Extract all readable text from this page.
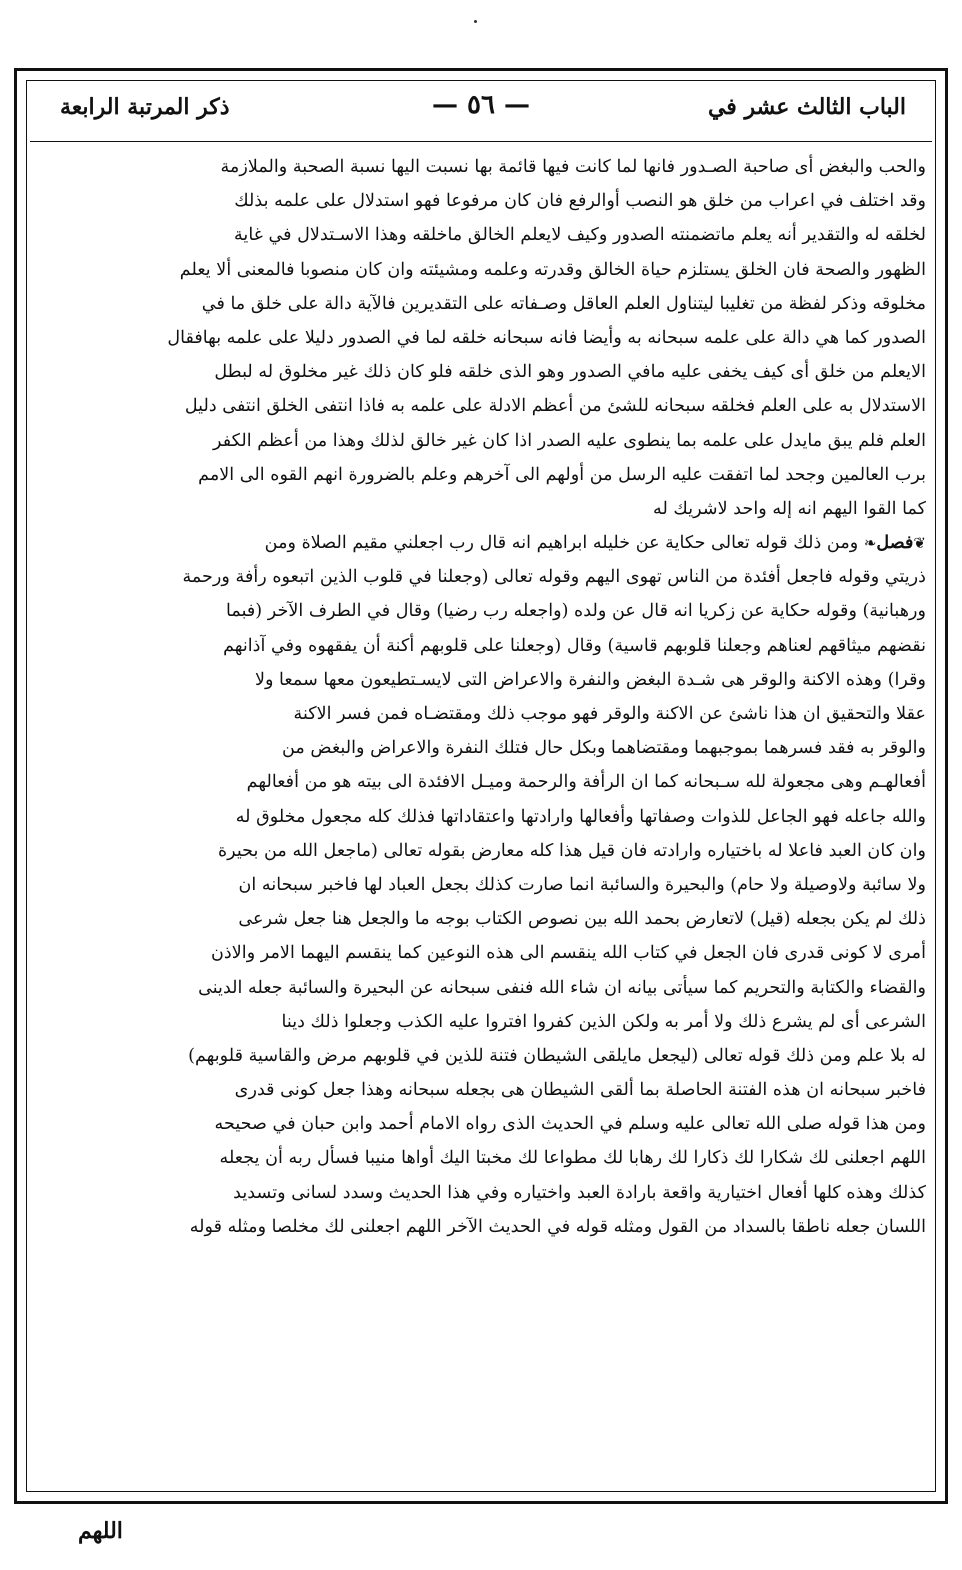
الباب الثالث عشر في
— ٥٦ —
ذكر المرتبة الرابعة
والحب والبغض أى صاحبة الصـدور فانها لما كانت فيها قائمة بها نسبت اليها نسبة الصحبة والملازمة
وقد اختلف في اعراب من خلق هو النصب أوالرفع فان كان مرفوعا فهو استدلال على علمه بذلك
لخلقه له والتقدير أنه يعلم ماتضمنته الصدور وكيف لايعلم الخالق ماخلقه وهذا الاسـتدلال في غاية
الظهور والصحة فان الخلق يستلزم حياة الخالق وقدرته وعلمه ومشيئته وان كان منصوبا فالمعنى ألا يعلم
مخلوقه وذكر لفظة من تغليبا ليتناول العلم العاقل وصـفاته على التقديرين فالآية دالة على خلق ما في
الصدور كما هي دالة على علمه سبحانه به وأيضا فانه سبحانه خلقه لما في الصدور دليلا على علمه بهافقال
الايعلم من خلق أى كيف يخفى عليه مافي الصدور وهو الذى خلقه فلو كان ذلك غير مخلوق له لبطل
الاستدلال به على العلم فخلقه سبحانه للشئ من أعظم الادلة على علمه به فاذا انتفى الخلق انتفى دليل
العلم فلم يبق مايدل على علمه بما ينطوى عليه الصدر اذا كان غير خالق لذلك وهذا من أعظم الكفر
برب العالمين وجحد لما اتفقت عليه الرسل من أولهم الى آخرهم وعلم بالضرورة انهم القوه الى الامم
كما القوا اليهم انه إله واحد لاشريك له
❦فصل❧ ومن ذلك قوله تعالى حكاية عن خليله ابراهيم انه قال رب اجعلني مقيم الصلاة ومن
ذريتي وقوله فاجعل أفئدة من الناس تهوى اليهم وقوله تعالى (وجعلنا في قلوب الذين اتبعوه رأفة ورحمة
ورهبانية) وقوله حكاية عن زكريا انه قال عن ولده (واجعله رب رضيا) وقال في الطرف الآخر (فبما
نقضهم ميثاقهم لعناهم وجعلنا قلوبهم قاسية) وقال (وجعلنا على قلوبهم أكنة أن يفقهوه وفي آذانهم
وقرا) وهذه الاكنة والوقر هى شـدة البغض والنفرة والاعراض التى لايسـتطيعون معها سمعا ولا
عقلا والتحقيق ان هذا ناشئ عن الاكنة والوقر فهو موجب ذلك ومقتضـاه فمن فسر الاكنة
والوقر به فقد فسرهما بموجبهما ومقتضاهما وبكل حال فتلك النفرة والاعراض والبغض من
أفعالهـم وهى مجعولة لله سـبحانه كما ان الرأفة والرحمة وميـل الافئدة الى بيته هو من أفعالهم
والله جاعله فهو الجاعل للذوات وصفاتها وأفعالها وارادتها واعتقاداتها فذلك كله مجعول مخلوق له
وان كان العبد فاعلا له باختياره وارادته فان قيل هذا كله معارض بقوله تعالى (ماجعل الله من بحيرة
ولا سائبة ولاوصيلة ولا حام) والبحيرة والسائبة انما صارت كذلك بجعل العباد لها فاخبر سبحانه ان
ذلك لم يكن بجعله (قيل) لاتعارض بحمد الله بين نصوص الكتاب بوجه ما والجعل هنا جعل شرعى
أمرى لا كونى قدرى فان الجعل في كتاب الله ينقسم الى هذه النوعين كما ينقسم اليهما الامر والاذن
والقضاء والكتابة والتحريم كما سيأتى بيانه ان شاء الله فنفى سبحانه عن البحيرة والسائبة جعله الدينى
الشرعى أى لم يشرع ذلك ولا أمر به ولكن الذين كفروا افتروا عليه الكذب وجعلوا ذلك دينا
له بلا علم ومن ذلك قوله تعالى (ليجعل مايلقى الشيطان فتنة للذين في قلوبهم مرض والقاسية قلوبهم)
فاخبر سبحانه ان هذه الفتنة الحاصلة بما ألقى الشيطان هى بجعله سبحانه وهذا جعل كونى قدرى
ومن هذا قوله صلى الله تعالى عليه وسلم في الحديث الذى رواه الامام أحمد وابن حبان في صحيحه
اللهم اجعلنى لك شكارا لك ذكارا لك رهابا لك مطواعا لك مخبتا اليك أواها منيبا فسأل ربه أن يجعله
كذلك وهذه كلها أفعال اختيارية واقعة بارادة العبد واختياره وفي هذا الحديث وسدد لسانى وتسديد
اللسان جعله ناطقا بالسداد من القول ومثله قوله في الحديث الآخر اللهم اجعلنى لك مخلصا ومثله قوله
اللهم
